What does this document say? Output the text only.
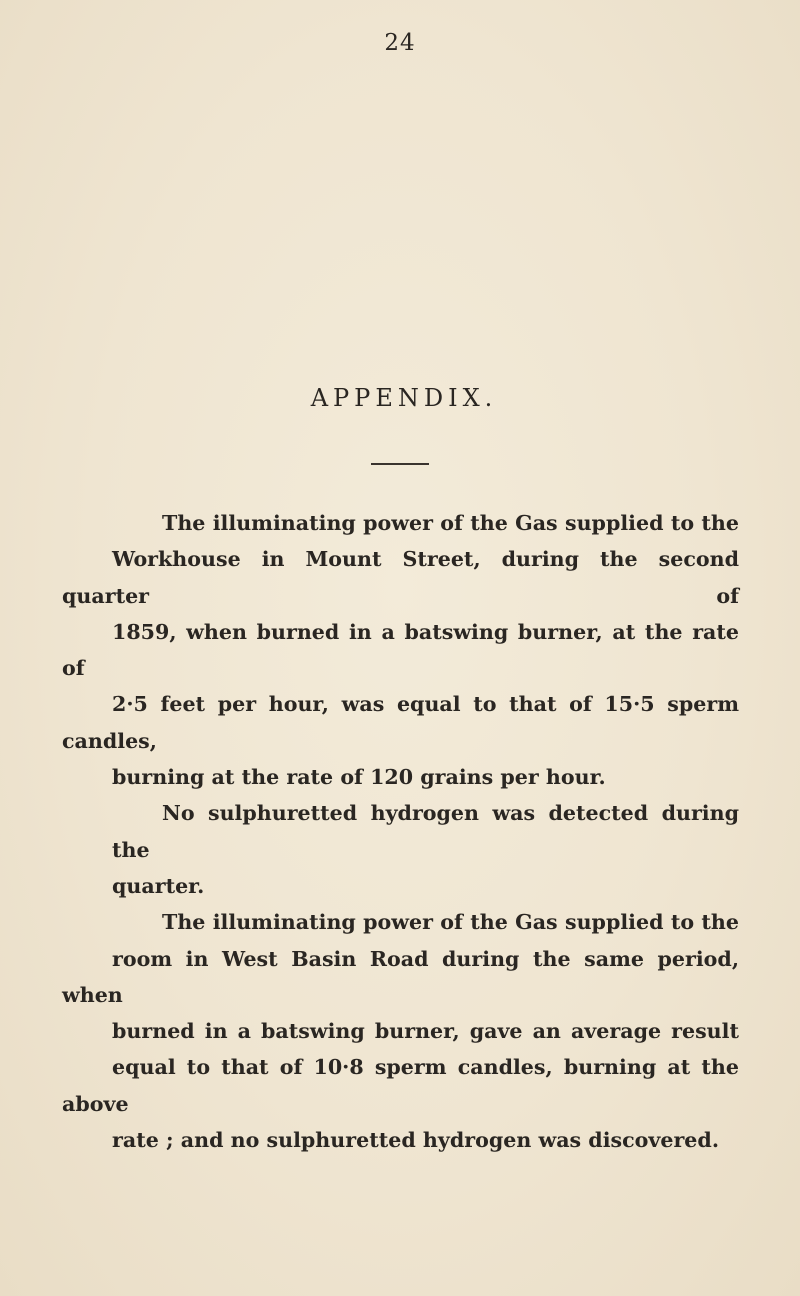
24
APPENDIX.

The illuminating power of the Gas supplied to the
Workhouse in Mount Street, during the second quarter of
1859, when burned in a batswing burner, at the rate of
2·5 feet per hour, was equal to that of 15·5 sperm candles,
burning at the rate of 120 grains per hour.

No sulphuretted hydrogen was detected during the
quarter.

The illuminating power of the Gas supplied to the
room in West Basin Road during the same period, when
burned in a batswing burner, gave an average result
equal to that of 10·8 sperm candles, burning at the above
rate ; and no sulphuretted hydrogen was discovered.
